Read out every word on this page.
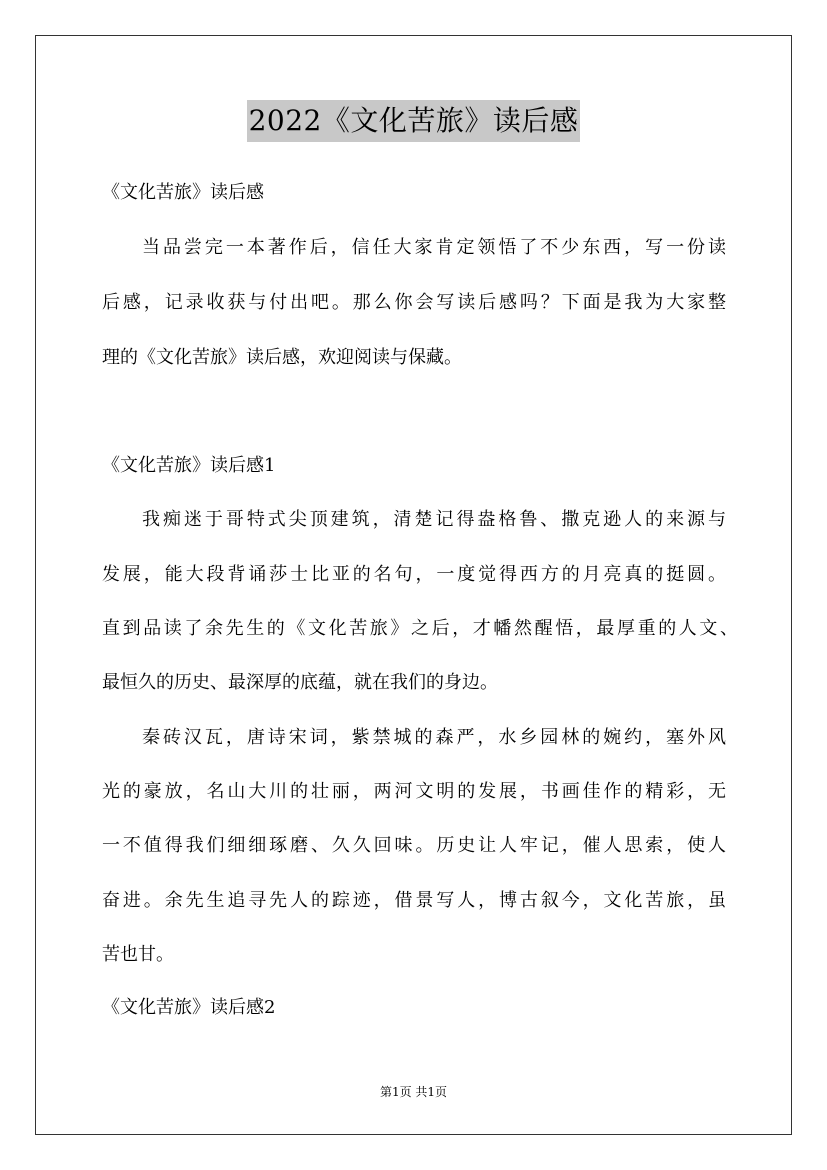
2022《文化苦旅》读后感
《文化苦旅》读后感
当品尝完一本著作后，信任大家肯定领悟了不少东西，写一份读
后感，记录收获与付出吧。那么你会写读后感吗？下面是我为大家整
理的《文化苦旅》读后感，欢迎阅读与保藏。
《文化苦旅》读后感1
我痴迷于哥特式尖顶建筑，清楚记得盎格鲁、撒克逊人的来源与
发展，能大段背诵莎士比亚的名句，一度觉得西方的月亮真的挺圆。
直到品读了余先生的《文化苦旅》之后，才幡然醒悟，最厚重的人文、
最恒久的历史、最深厚的底蕴，就在我们的身边。
秦砖汉瓦，唐诗宋词，紫禁城的森严，水乡园林的婉约，塞外风
光的豪放，名山大川的壮丽，两河文明的发展，书画佳作的精彩，无
一不值得我们细细琢磨、久久回味。历史让人牢记，催人思索，使人
奋进。余先生追寻先人的踪迹，借景写人，博古叙今，文化苦旅，虽
苦也甘。
《文化苦旅》读后感2
第1页 共1页
